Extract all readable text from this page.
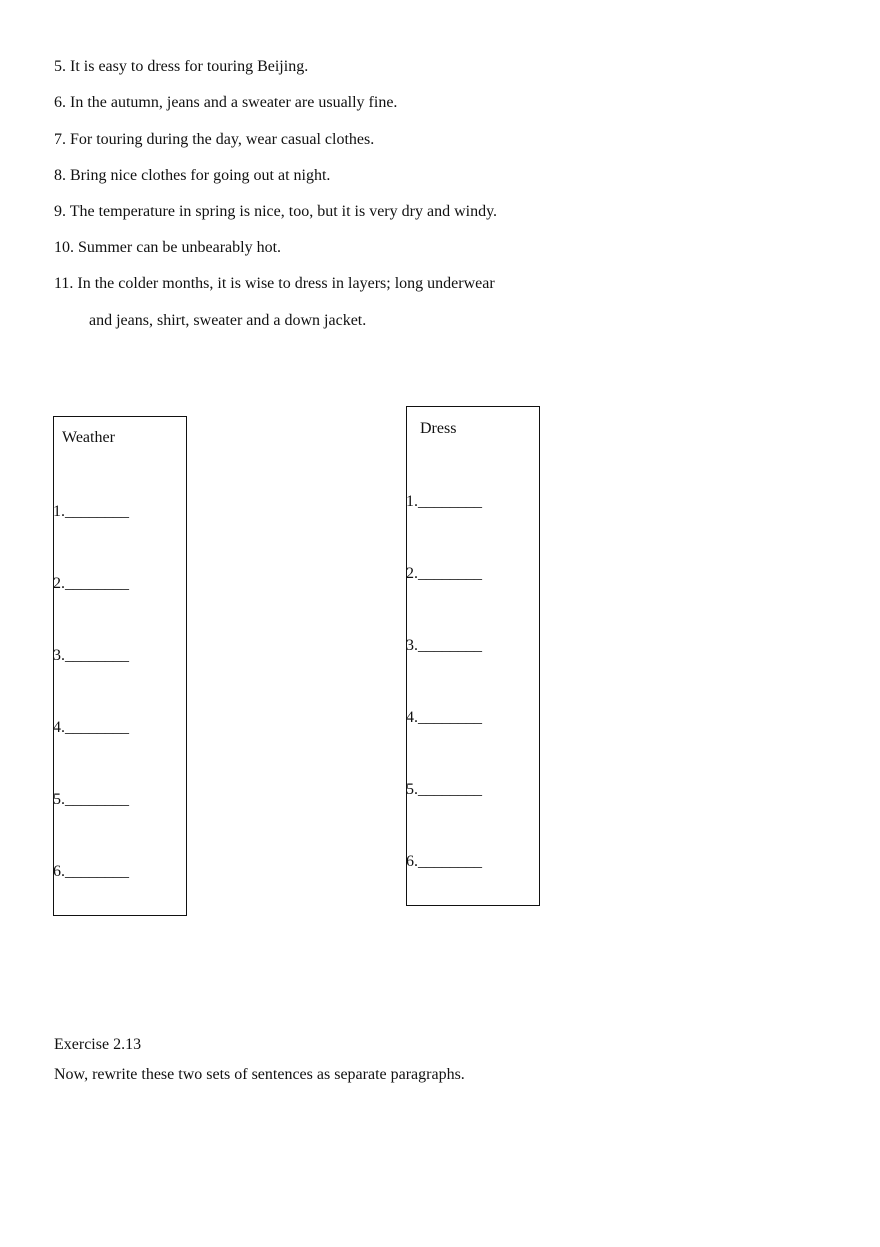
5. It is easy to dress for touring Beijing.
6. In the autumn, jeans and a sweater are usually fine.
7. For touring during the day, wear casual clothes.
8. Bring nice clothes for going out at night.
9. The temperature in spring is nice, too, but it is very dry and windy.
10. Summer can be unbearably hot.
11. In the colder months, it is wise to dress in layers; long underwear
and jeans, shirt, sweater and a down jacket.
Weather
1.________
2.________
3.________
4.________
5.________
6.________
Dress
1.________
2.________
3.________
4.________
5.________
6.________
Exercise 2.13
Now, rewrite these two sets of sentences as separate paragraphs.
